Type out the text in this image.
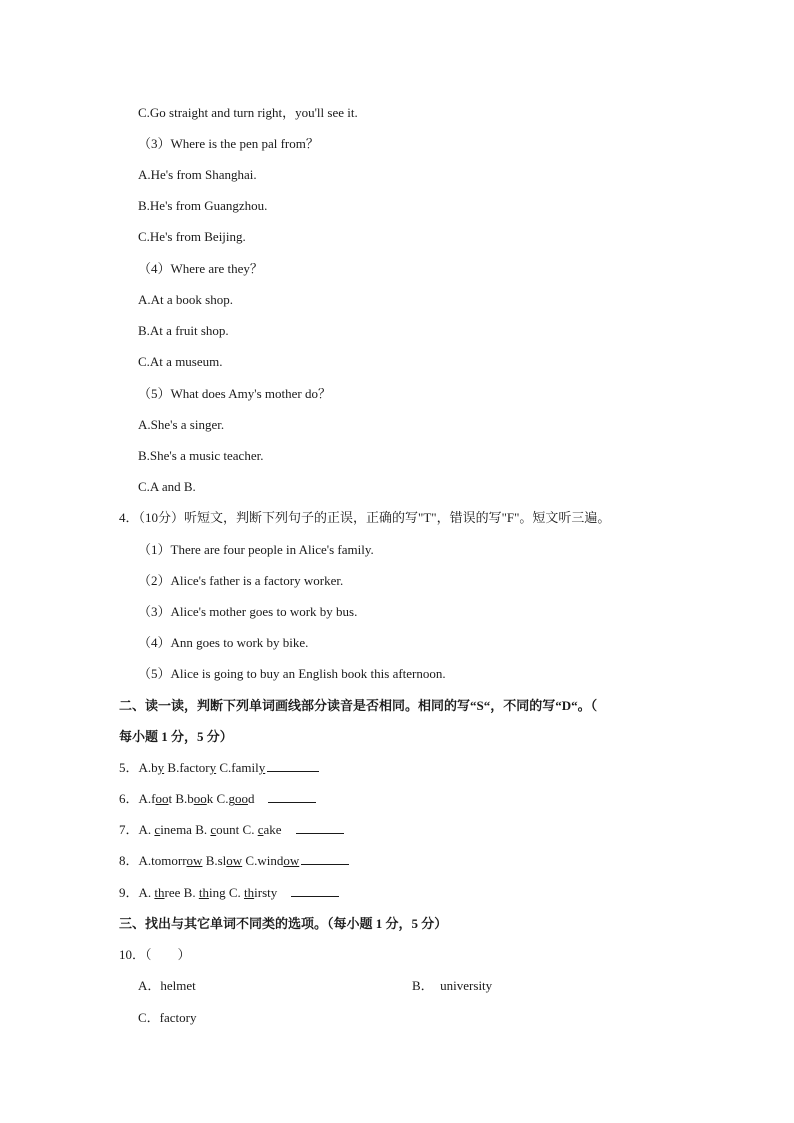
C.Go straight and turn right，you'll see it.
（3）Where is the pen pal from？
A.He's from Shanghai.
B.He's from Guangzhou.
C.He's from Beijing.
（4）Where are they？
A.At a book shop.
B.At a fruit shop.
C.At a museum.
（5）What does Amy's mother do？
A.She's a singer.
B.She's a music teacher.
C.A and B.
4．（10分）听短文，判断下列句子的正误，正确的写"T"，错误的写"F"。短文听三遍。
（1）There are four people in Alice's family.
（2）Alice's father is a factory worker.
（3）Alice's mother goes to work by bus.
（4）Ann goes to work by bike.
（5）Alice is going to buy an English book this afternoon.
二、读一读，判断下列单词画线部分读音是否相同。相同的写“S“，不同的写“D“。（
每小题 1 分，5 分）
5．A.by B.factory C.family
6．A.foot B.book C.good
7．A. cinema B. count C. cake
8．A.tomorrow B.slow C.window
9．A. three B. thing C. thirsty
三、找出与其它单词不同类的选项。（每小题 1 分，5 分）
10．（　　）
A．helmet	B．　university
C．factory
